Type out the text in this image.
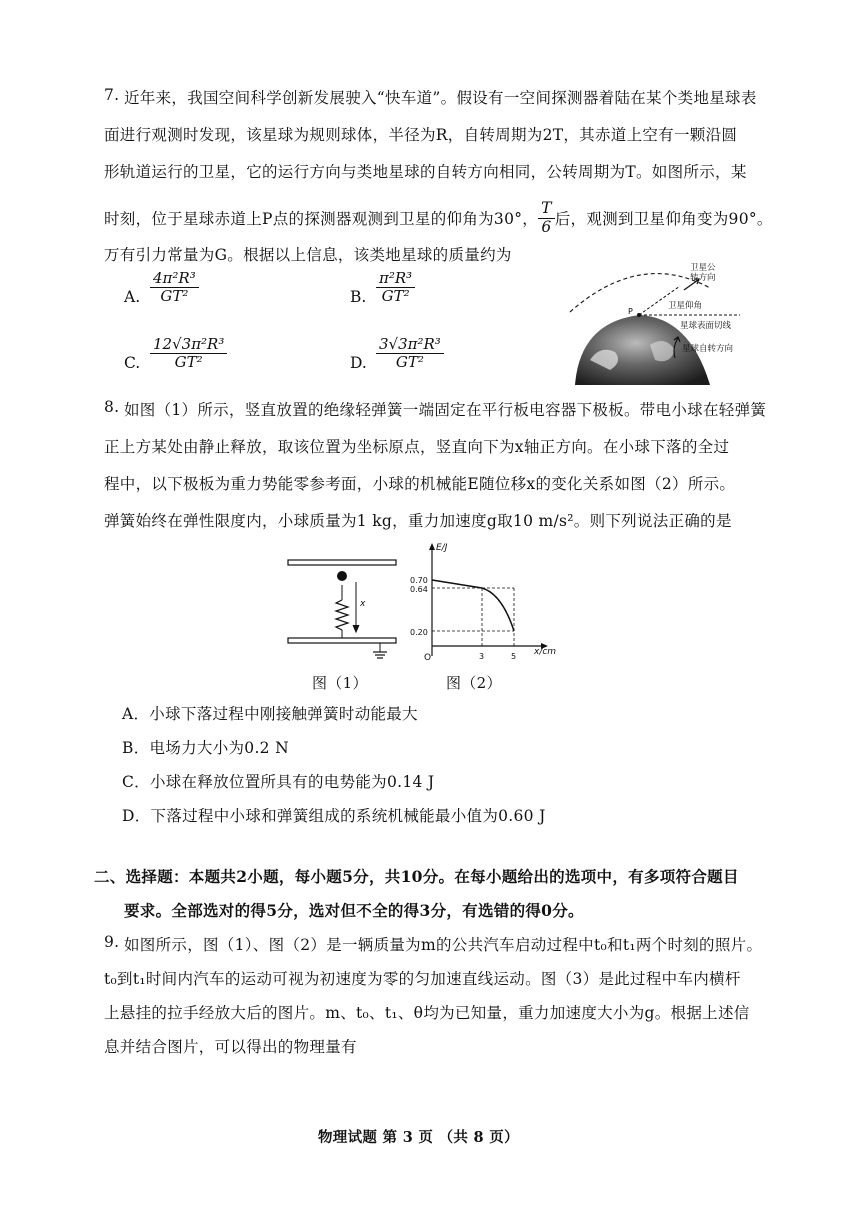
7. 近年来，我国空间科学创新发展驶入“快车道”。假设有一空间探测器着陆在某个类地星球表
面进行观测时发现，该星球为规则球体，半径为R，自转周期为2T，其赤道上空有一颗沿圆
形轨道运行的卫星，它的运行方向与类地星球的自转方向相同，公转周期为T。如图所示，某
时刻，位于星球赤道上P点的探测器观测到卫星的仰角为30°， $\frac{T}{6}$ 后，观测到卫星仰角变为90°。
万有引力常量为G。根据以上信息，该类地星球的质量约为
A. $\frac{\text{4π²R³}}{\text{GT²}}$	B. $\frac{\text{π²R³}}{\text{GT²}}$
C. $\frac{\text{12√3π²R³}}{\text{GT²}}$	D. $\frac{\text{3√3π²R³}}{\text{GT²}}$
P
卫星公
转方向
卫星仰角
星球表面切线
星球自转方向
8. 如图（1）所示，竖直放置的绝缘轻弹簧一端固定在平行板电容器下极板。带电小球在轻弹簧
正上方某处由静止释放，取该位置为坐标原点，竖直向下为x轴正方向。在小球下落的全过
程中，以下极板为重力势能零参考面，小球的机械能E随位移x的变化关系如图（2）所示。
弹簧始终在弹性限度内，小球质量为1 kg，重力加速度g取10 m/s²。则下列说法正确的是
x
E/J
x/cm
O
0.70
0.64
0.20
3	5
图（1）	图（2）
A．小球下落过程中刚接触弹簧时动能最大
B．电场力大小为0.2 N
C．小球在释放位置所具有的电势能为0.14 J
D．下落过程中小球和弹簧组成的系统机械能最小值为0.60 J
二、选择题：本题共2小题，每小题5分，共10分。在每小题给出的选项中，有多项符合题目
要求。全部选对的得5分，选对但不全的得3分，有选错的得0分。
9. 如图所示，图（1）、图（2）是一辆质量为m的公共汽车启动过程中t₀和t₁两个时刻的照片。
t₀到t₁时间内汽车的运动可视为初速度为零的匀加速直线运动。图（3）是此过程中车内横杆
上悬挂的拉手经放大后的图片。m、t₀、t₁、θ均为已知量，重力加速度大小为g。根据上述信
息并结合图片，可以得出的物理量有
物理试题 第 3 页 （共 8 页）
